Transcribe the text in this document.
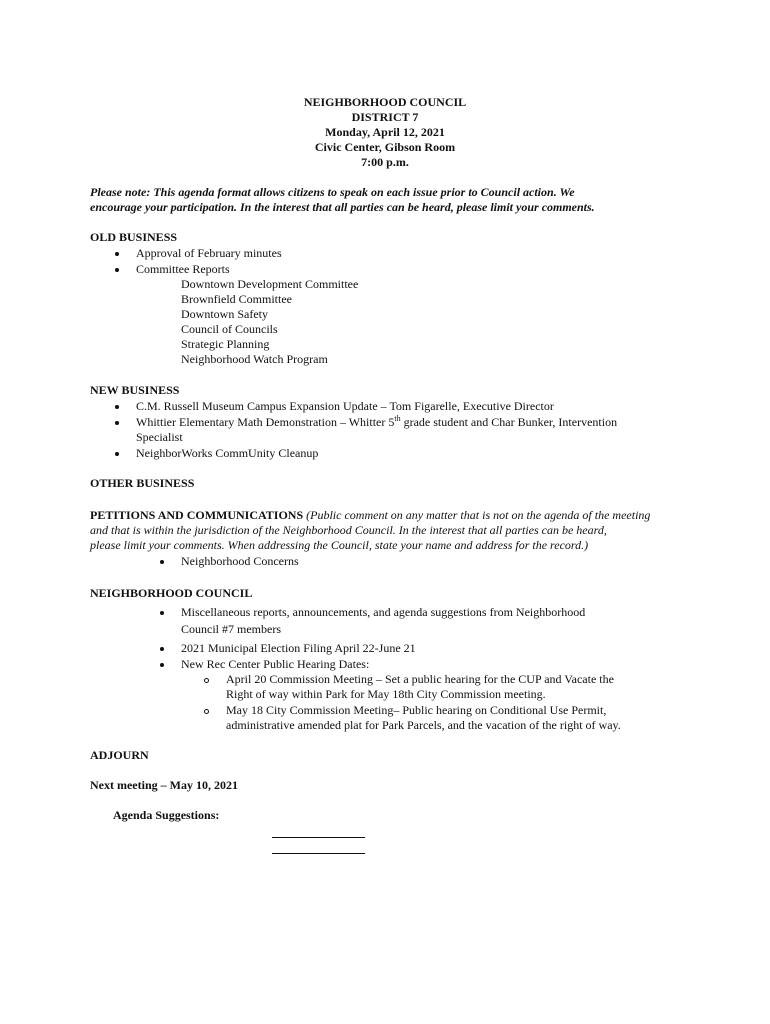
NEIGHBORHOOD COUNCIL
DISTRICT 7
Monday, April 12, 2021
Civic Center, Gibson Room
7:00 p.m.
Please note: This agenda format allows citizens to speak on each issue prior to Council action. We
encourage your participation. In the interest that all parties can be heard, please limit your comments.
OLD BUSINESS
Approval of February minutes
Committee Reports
Downtown Development Committee
Brownfield Committee
Downtown Safety
Council of Councils
Strategic Planning
Neighborhood Watch Program
NEW BUSINESS
C.M. Russell Museum Campus Expansion Update – Tom Figarelle, Executive Director
Whittier Elementary Math Demonstration – Whitter 5th grade student and Char Bunker, Intervention
Specialist
NeighborWorks CommUnity Cleanup
OTHER BUSINESS
PETITIONS AND COMMUNICATIONS (Public comment on any matter that is not on the agenda of the meeting
and that is within the jurisdiction of the Neighborhood Council. In the interest that all parties can be heard,
please limit your comments. When addressing the Council, state your name and address for the record.)
Neighborhood Concerns
NEIGHBORHOOD COUNCIL
Miscellaneous reports, announcements, and agenda suggestions from Neighborhood
Council #7 members
2021 Municipal Election Filing April 22-June 21
New Rec Center Public Hearing Dates:
April 20 Commission Meeting – Set a public hearing for the CUP and Vacate the
Right of way within Park for May 18th City Commission meeting.
May 18 City Commission Meeting– Public hearing on Conditional Use Permit,
administrative amended plat for Park Parcels, and the vacation of the right of way.
ADJOURN
Next meeting – May 10, 2021
Agenda Suggestions:
